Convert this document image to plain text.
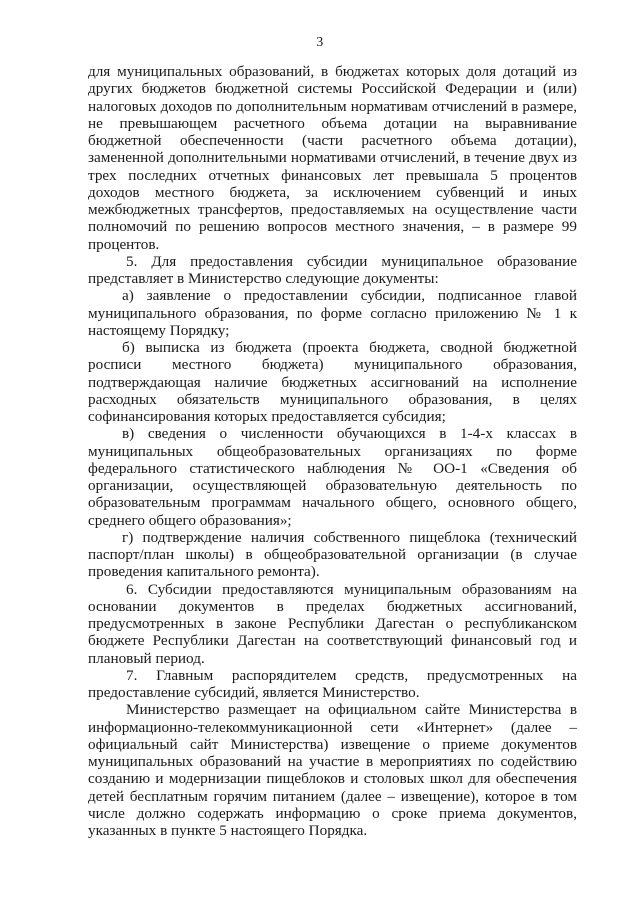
3

для муниципальных образований, в бюджетах которых доля дотаций из других бюджетов бюджетной системы Российской Федерации и (или) налоговых доходов по дополнительным нормативам отчислений в размере, не превышающем расчетного объема дотации на выравнивание бюджетной обеспеченности (части расчетного объема дотации), замененной дополнительными нормативами отчислений, в течение двух из трех последних отчетных финансовых лет превышала 5 процентов доходов местного бюджета, за исключением субвенций и иных межбюджетных трансфертов, предоставляемых на осуществление части полномочий по решению вопросов местного значения, – в размере 99 процентов.

5. Для предоставления субсидии муниципальное образование представляет в Министерство следующие документы:

а) заявление о предоставлении субсидии, подписанное главой муниципального образования, по форме согласно приложению № 1 к настоящему Порядку;

б) выписка из бюджета (проекта бюджета, сводной бюджетной росписи местного бюджета) муниципального образования, подтверждающая наличие бюджетных ассигнований на исполнение расходных обязательств муниципального образования, в целях софинансирования которых предоставляется субсидия;

в) сведения о численности обучающихся в 1-4-х классах в муниципальных общеобразовательных организациях по форме федерального статистического наблюдения № ОО-1 «Сведения об организации, осуществляющей образовательную деятельность по образовательным программам начального общего, основного общего, среднего общего образования»;

г) подтверждение наличия собственного пищеблока (технический паспорт/план школы) в общеобразовательной организации (в случае проведения капитального ремонта).

6. Субсидии предоставляются муниципальным образованиям на основании документов в пределах бюджетных ассигнований, предусмотренных в законе Республики Дагестан о республиканском бюджете Республики Дагестан на соответствующий финансовый год и плановый период.

7. Главным распорядителем средств, предусмотренных на предоставление субсидий, является Министерство.

Министерство размещает на официальном сайте Министерства в информационно-телекоммуникационной сети «Интернет» (далее – официальный сайт Министерства) извещение о приеме документов муниципальных образований на участие в мероприятиях по содействию созданию и модернизации пищеблоков и столовых школ для обеспечения детей бесплатным горячим питанием (далее – извещение), которое в том числе должно содержать информацию о сроке приема документов, указанных в пункте 5 настоящего Порядка.
